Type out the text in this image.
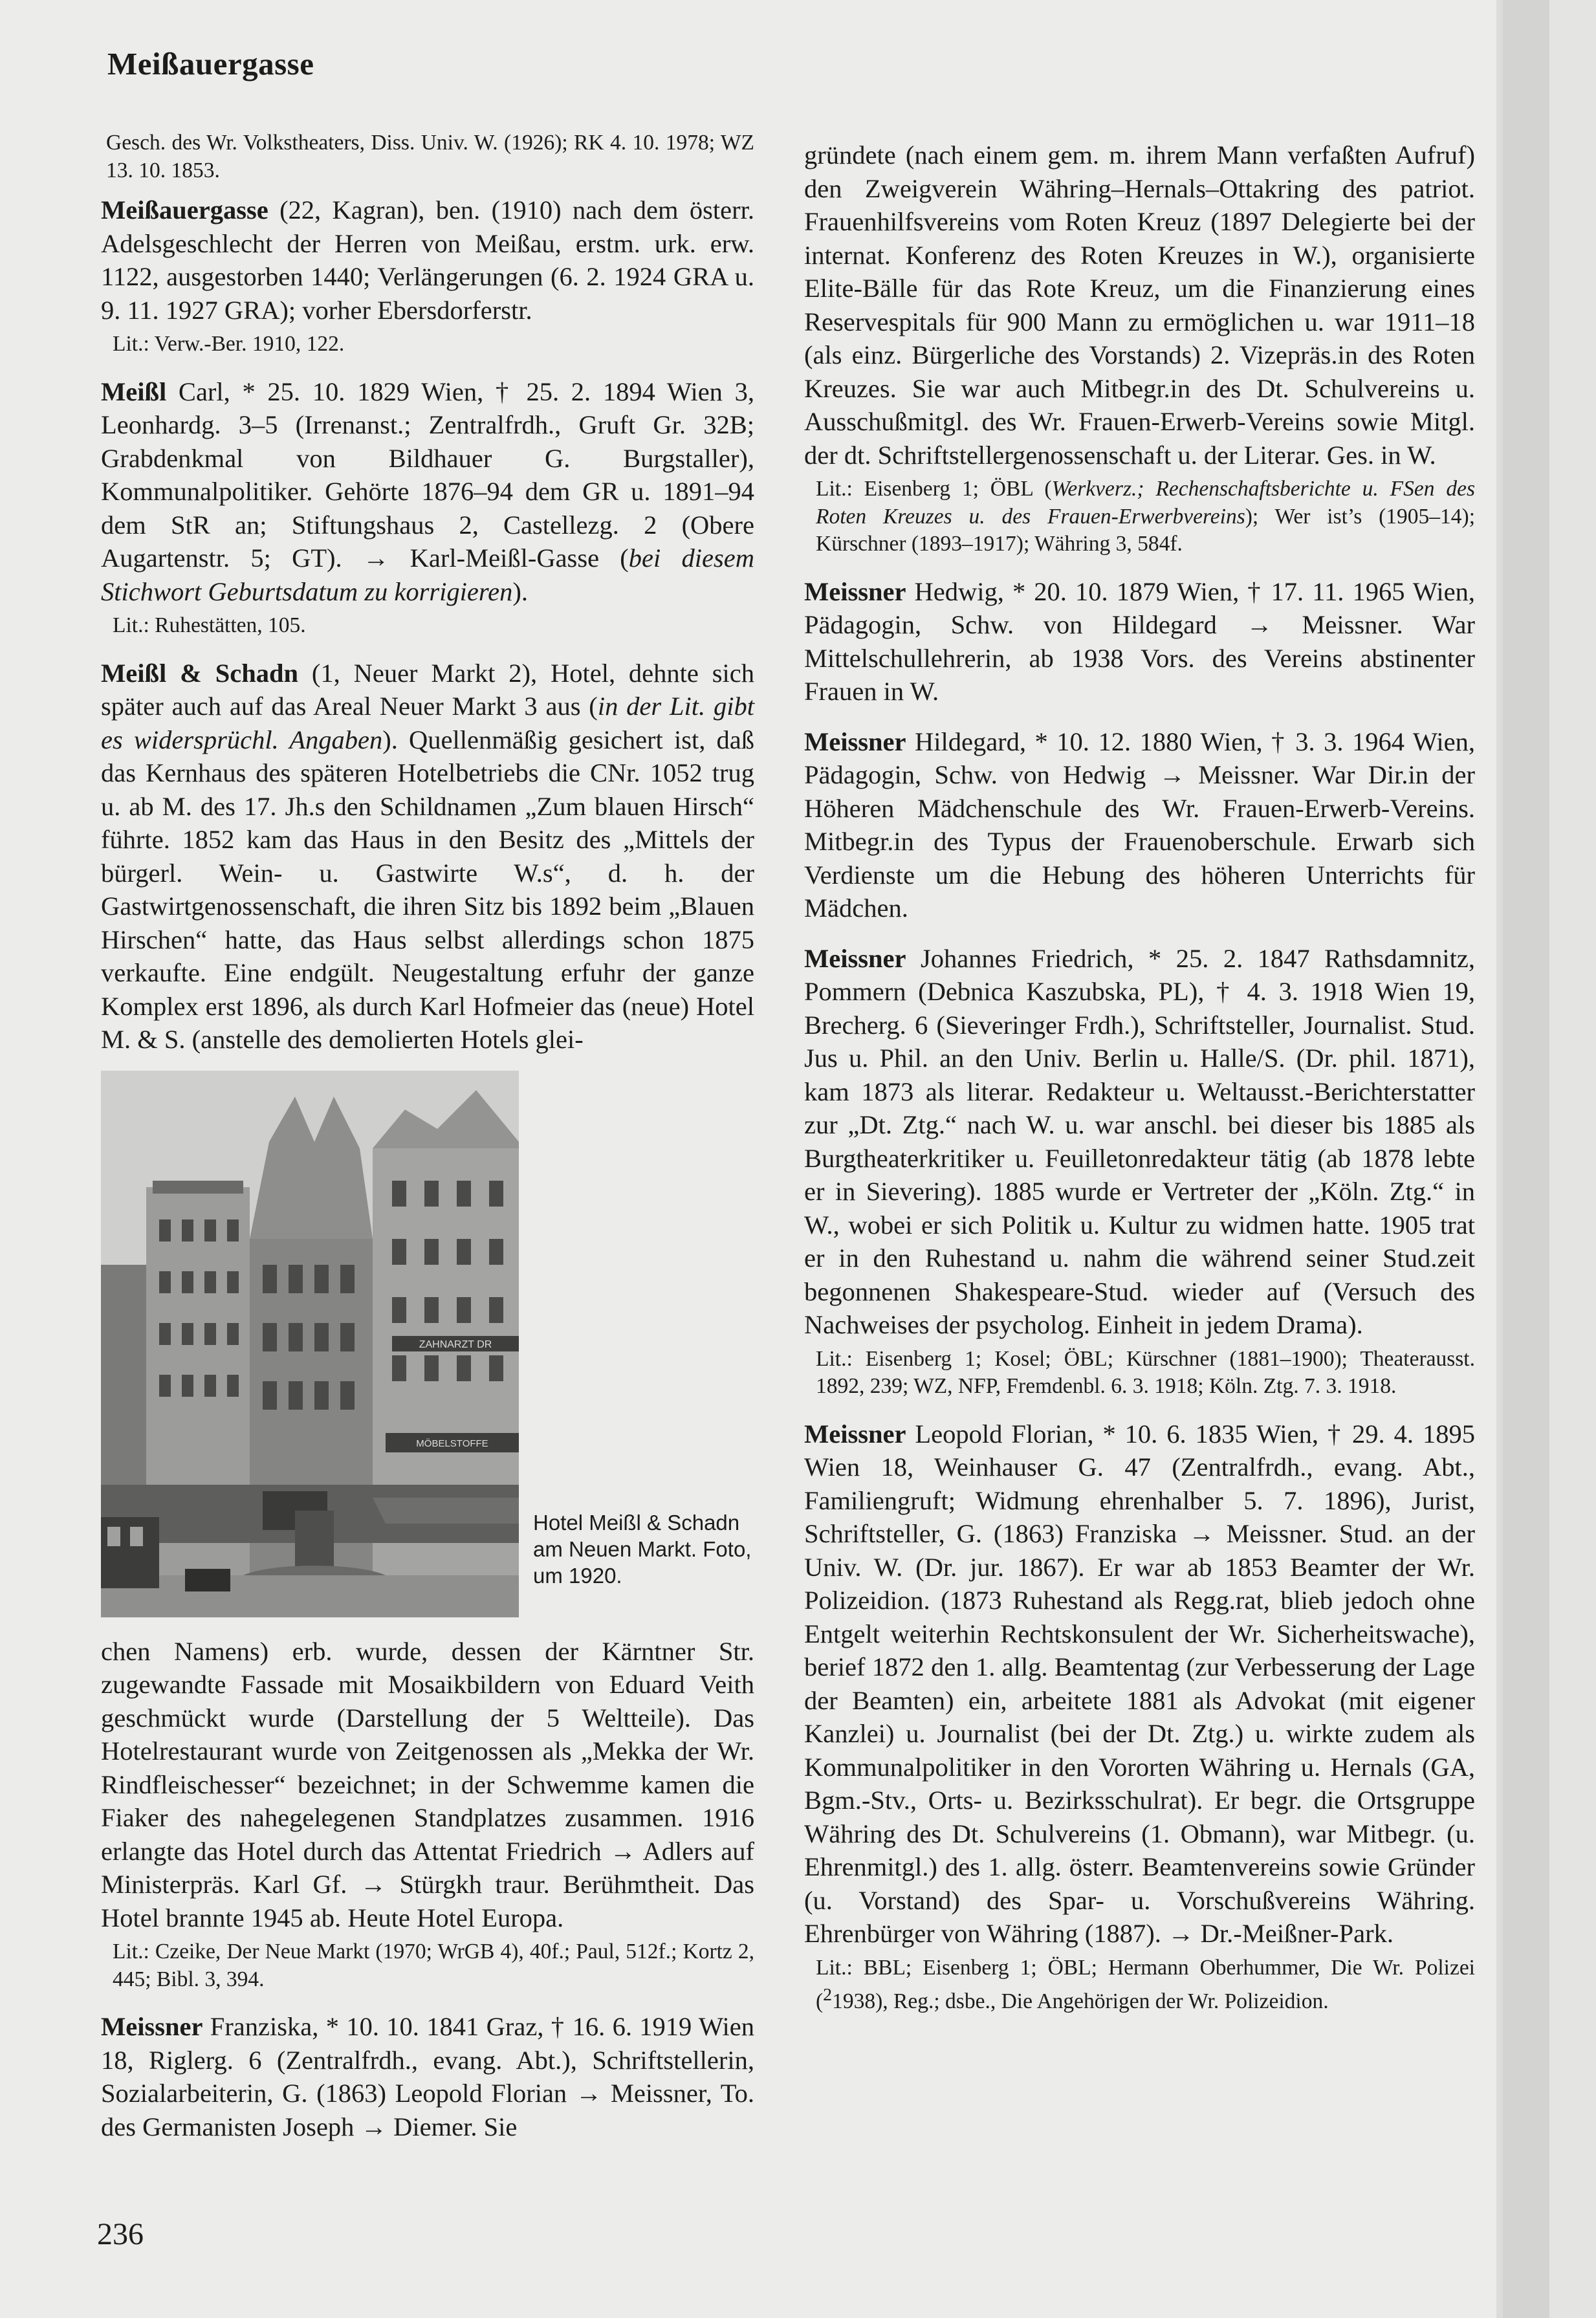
Meißauergasse

Gesch. des Wr. Volkstheaters, Diss. Univ. W. (1926); RK 4. 10. 1978; WZ 13. 10. 1853.

Meißauergasse (22, Kagran), ben. (1910) nach dem österr. Adelsgeschlecht der Herren von Meißau, erstm. urk. erw. 1122, ausgestorben 1440; Verlängerungen (6. 2. 1924 GRA u. 9. 11. 1927 GRA); vorher Ebersdorferstr.

Lit.: Verw.-Ber. 1910, 122.

Meißl Carl, * 25. 10. 1829 Wien, † 25. 2. 1894 Wien 3, Leonhardg. 3–5 (Irrenanst.; Zentralfrdh., Gruft Gr. 32B; Grabdenkmal von Bildhauer G. Burgstaller), Kommunalpolitiker. Gehörte 1876–94 dem GR u. 1891–94 dem StR an; Stiftungshaus 2, Castellezg. 2 (Obere Augartenstr. 5; GT). → Karl-Meißl-Gasse (bei diesem Stichwort Geburtsdatum zu korrigieren).

Lit.: Ruhestätten, 105.

Meißl & Schadn (1, Neuer Markt 2), Hotel, dehnte sich später auch auf das Areal Neuer Markt 3 aus (in der Lit. gibt es widersprüchl. Angaben). Quellenmäßig gesichert ist, daß das Kernhaus des späteren Hotelbetriebs die CNr. 1052 trug u. ab M. des 17. Jh.s den Schildnamen „Zum blauen Hirsch“ führte. 1852 kam das Haus in den Besitz des „Mittels der bürgerl. Wein- u. Gastwirte W.s“, d. h. der Gastwirtgenossenschaft, die ihren Sitz bis 1892 beim „Blauen Hirschen“ hatte, das Haus selbst allerdings schon 1875 verkaufte. Eine endgült. Neugestaltung erfuhr der ganze Komplex erst 1896, als durch Karl Hofmeier das (neue) Hotel M. & S. (anstelle des demolierten Hotels glei-

ZAHNARZT DR
MÖBELSTOFFE
Hotel Meißl & Schadn am Neuen Markt. Foto, um 1920.

chen Namens) erb. wurde, dessen der Kärntner Str. zugewandte Fassade mit Mosaikbildern von Eduard Veith geschmückt wurde (Darstellung der 5 Weltteile). Das Hotelrestaurant wurde von Zeitgenossen als „Mekka der Wr. Rindfleischesser“ bezeichnet; in der Schwemme kamen die Fiaker des nahegelegenen Standplatzes zusammen. 1916 erlangte das Hotel durch das Attentat Friedrich → Adlers auf Ministerpräs. Karl Gf. → Stürgkh traur. Berühmtheit. Das Hotel brannte 1945 ab. Heute Hotel Europa.

Lit.: Czeike, Der Neue Markt (1970; WrGB 4), 40f.; Paul, 512f.; Kortz 2, 445; Bibl. 3, 394.

Meissner Franziska, * 10. 10. 1841 Graz, † 16. 6. 1919 Wien 18, Riglerg. 6 (Zentralfrdh., evang. Abt.), Schriftstellerin, Sozialarbeiterin, G. (1863) Leopold Florian → Meissner, To. des Germanisten Joseph → Diemer. Sie

gründete (nach einem gem. m. ihrem Mann verfaßten Aufruf) den Zweigverein Währing–Hernals–Ottakring des patriot. Frauenhilfsvereins vom Roten Kreuz (1897 Delegierte bei der internat. Konferenz des Roten Kreuzes in W.), organisierte Elite-Bälle für das Rote Kreuz, um die Finanzierung eines Reservespitals für 900 Mann zu ermöglichen u. war 1911–18 (als einz. Bürgerliche des Vorstands) 2. Vizepräs.in des Roten Kreuzes. Sie war auch Mitbegr.in des Dt. Schulvereins u. Ausschußmitgl. des Wr. Frauen-Erwerb-Vereins sowie Mitgl. der dt. Schriftstellergenossenschaft u. der Literar. Ges. in W.

Lit.: Eisenberg 1; ÖBL (Werkverz.; Rechenschaftsberichte u. FSen des Roten Kreuzes u. des Frauen-Erwerbvereins); Wer ist’s (1905–14); Kürschner (1893–1917); Währing 3, 584f.

Meissner Hedwig, * 20. 10. 1879 Wien, † 17. 11. 1965 Wien, Pädagogin, Schw. von Hildegard → Meissner. War Mittelschullehrerin, ab 1938 Vors. des Vereins abstinenter Frauen in W.

Meissner Hildegard, * 10. 12. 1880 Wien, † 3. 3. 1964 Wien, Pädagogin, Schw. von Hedwig → Meissner. War Dir.in der Höheren Mädchenschule des Wr. Frauen-Erwerb-Vereins. Mitbegr.in des Typus der Frauenoberschule. Erwarb sich Verdienste um die Hebung des höheren Unterrichts für Mädchen.

Meissner Johannes Friedrich, * 25. 2. 1847 Rathsdamnitz, Pommern (Debnica Kaszubska, PL), † 4. 3. 1918 Wien 19, Brecherg. 6 (Sieveringer Frdh.), Schriftsteller, Journalist. Stud. Jus u. Phil. an den Univ. Berlin u. Halle/S. (Dr. phil. 1871), kam 1873 als literar. Redakteur u. Weltausst.-Berichterstatter zur „Dt. Ztg.“ nach W. u. war anschl. bei dieser bis 1885 als Burgtheaterkritiker u. Feuilletonredakteur tätig (ab 1878 lebte er in Sievering). 1885 wurde er Vertreter der „Köln. Ztg.“ in W., wobei er sich Politik u. Kultur zu widmen hatte. 1905 trat er in den Ruhestand u. nahm die während seiner Stud.zeit begonnenen Shakespeare-Stud. wieder auf (Versuch des Nachweises der psycholog. Einheit in jedem Drama).

Lit.: Eisenberg 1; Kosel; ÖBL; Kürschner (1881–1900); Theaterausst. 1892, 239; WZ, NFP, Fremdenbl. 6. 3. 1918; Köln. Ztg. 7. 3. 1918.

Meissner Leopold Florian, * 10. 6. 1835 Wien, † 29. 4. 1895 Wien 18, Weinhauser G. 47 (Zentralfrdh., evang. Abt., Familiengruft; Widmung ehrenhalber 5. 7. 1896), Jurist, Schriftsteller, G. (1863) Franziska → Meissner. Stud. an der Univ. W. (Dr. jur. 1867). Er war ab 1853 Beamter der Wr. Polizeidion. (1873 Ruhestand als Regg.rat, blieb jedoch ohne Entgelt weiterhin Rechtskonsulent der Wr. Sicherheitswache), berief 1872 den 1. allg. Beamtentag (zur Verbesserung der Lage der Beamten) ein, arbeitete 1881 als Advokat (mit eigener Kanzlei) u. Journalist (bei der Dt. Ztg.) u. wirkte zudem als Kommunalpolitiker in den Vororten Währing u. Hernals (GA, Bgm.-Stv., Orts- u. Bezirksschulrat). Er begr. die Ortsgruppe Währing des Dt. Schulvereins (1. Obmann), war Mitbegr. (u. Ehrenmitgl.) des 1. allg. österr. Beamtenvereins sowie Gründer (u. Vorstand) des Spar- u. Vorschußvereins Währing. Ehrenbürger von Währing (1887). → Dr.-Meißner-Park.

Lit.: BBL; Eisenberg 1; ÖBL; Hermann Oberhummer, Die Wr. Polizei ($^2$1938), Reg.; dsbe., Die Angehörigen der Wr. Polizeidion.

236
